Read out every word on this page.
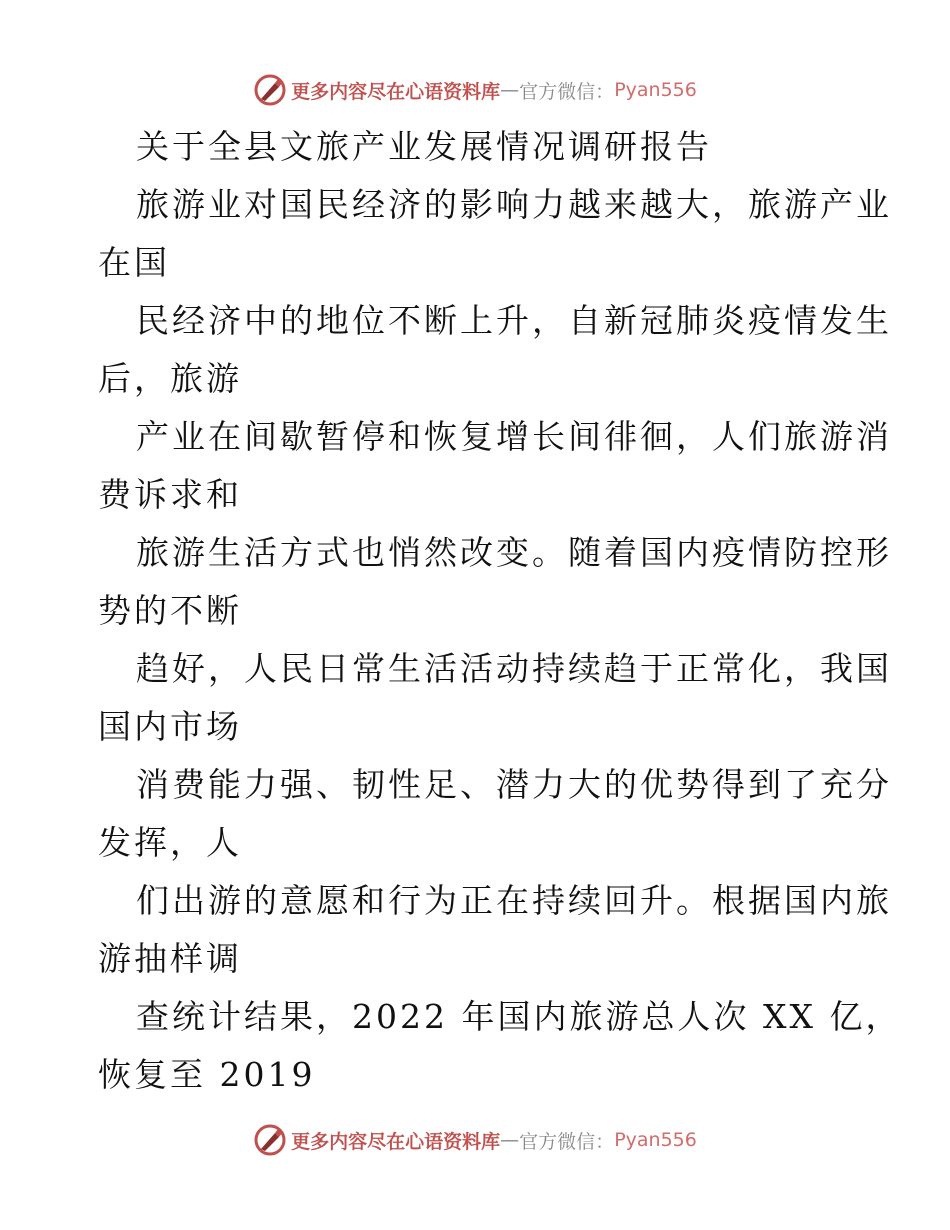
更多内容尽在心语资料库 — 官方微信： Pyan556
关于全县文旅产业发展情况调研报告
旅游业对国民经济的影响力越来越大，旅游产业
在国
民经济中的地位不断上升，自新冠肺炎疫情发生
后，旅游
产业在间歇暂停和恢复增长间徘徊，人们旅游消
费诉求和
旅游生活方式也悄然改变。随着国内疫情防控形
势的不断
趋好，人民日常生活活动持续趋于正常化，我国
国内市场
消费能力强、韧性足、潜力大的优势得到了充分
发挥，人
们出游的意愿和行为正在持续回升。根据国内旅
游抽样调
查统计结果，2022 年国内旅游总人次 XX 亿，
恢复至 2019
更多内容尽在心语资料库 — 官方微信： Pyan556
